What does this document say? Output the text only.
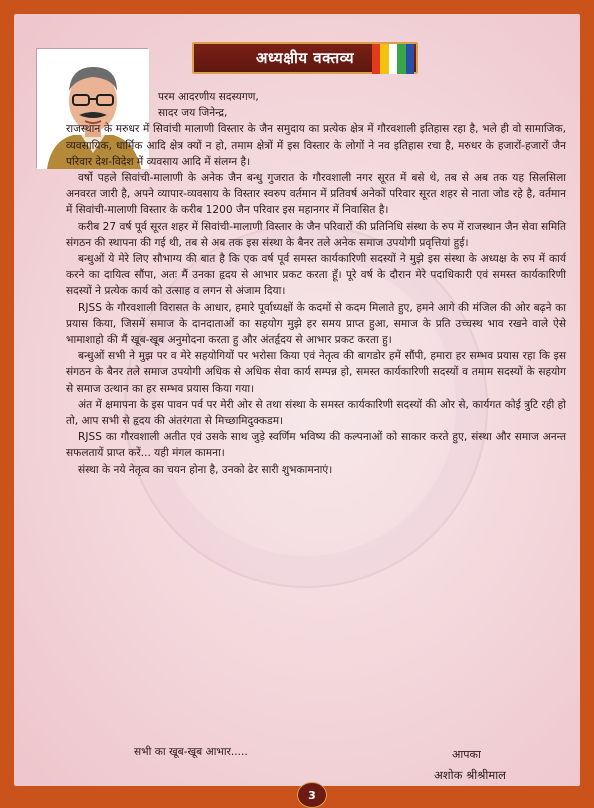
अध्यक्षीय वक्तव्य

परम आदरणीय सदस्यगण,

सादर जय जिनेन्द्र,

राजस्थान के मरुधर में सिवांची मालाणी विस्तार के जैन समुदाय का प्रत्येक क्षेत्र में गौरवशाली इतिहास रहा है, भले ही वो सामाजिक, व्यवसायिक, धार्मिक आदि क्षेत्र क्यों न हो, तमाम क्षेत्रों में इस विस्तार के लोगों ने नव इतिहास रचा है, मरुधर के हजारों-हजारों जैन परिवार देश-विदेश में व्यवसाय आदि में संलग्न है।

वर्षो पहले सिवांची-मालाणी के अनेक जैन बन्धु गुजरात के गौरवशाली नगर सूरत में बसे थे, तब से अब तक यह सिलसिला अनवरत जारी है, अपने व्यापार-व्यवसाय के विस्तार स्वरुप वर्तमान में प्रतिवर्ष अनेकों परिवार सूरत शहर से नाता जोड रहे है, वर्तमान में सिवांची-मालाणी विस्तार के करीब 1200 जैन परिवार इस महानगर में निवासित है।

करीब 27 वर्ष पूर्व सूरत शहर में सिवांची-मालाणी विस्तार के जैन परिवारों की प्रतिनिधि संस्था के रुप में राजस्थान जैन सेवा समिति संगठन की स्थापना की गई थी, तब से अब तक इस संस्था के बैनर तले अनेक समाज उपयोगी प्रवृत्तियां हुई।

बन्धुओं ये मेरे लिए सौभाग्य की बात है कि एक वर्ष पूर्व समस्त कार्यकारिणी सदस्यों ने मुझे इस संस्था के अध्यक्ष के रुप में कार्य करने का दायित्व सौंपा, अतः मैं उनका हृदय से आभार प्रकट करता हूँ। पूरे वर्ष के दौरान मेरे पदाधिकारी एवं समस्त कार्यकारिणी सदस्यों ने प्रत्येक कार्य को उत्साह व लगन से अंजाम दिया।

RJSS के गौरवशाली विरासत के आधार, हमारे पूर्वाध्यक्षों के कदमों से कदम मिलाते हुए, हमने आगे की मंजिल की ओर बढ़ने का प्रयास किया, जिसमें समाज के दानदाताओं का सहयोग मुझे हर समय प्राप्त हुआ, समाज के प्रति उच्चस्थ भाव रखने वाले ऐसे भामाशाहो की मैं खूब-खूब अनुमोदना करता हु और अंतर्हृदय से आभार प्रकट करता हु।

बन्धुओं सभी ने मुझ पर व मेरे सहयोगियों पर भरोसा किया एवं नेतृत्व की बागडोर हमें सौंपी, हमारा हर सम्भव प्रयास रहा कि इस संगठन के बैनर तले समाज उपयोगी अधिक से अधिक सेवा कार्य सम्पन्न हो, समस्त कार्यकारिणी सदस्यों व तमाम सदस्यों के सहयोग से समाज उत्थान का हर सम्भव प्रयास किया गया।

अंत में क्षमापना के इस पावन पर्व पर मेरी ओर से तथा संस्था के समस्त कार्यकारिणी सदस्यों की ओर से, कार्यगत कोई त्रुटि रही हो तो, आप सभी से हृदय की अंतरंगता से मिच्छामिदुक्कडम।

RJSS का गौरवशाली अतीत एवं उसके साथ जुड़े स्वर्णिम भविष्य की कल्पनाओं को साकार करते हुए, संस्था और समाज अनन्त सफलतायें प्राप्त करें... यही मंगल कामना।

संस्था के नये नेतृत्व का चयन होना है, उनको ढेर सारी शुभकामनाएं।

सभी का खूब-खूब आभार.....	आपका
अशोक श्रीश्रीमाल
3
